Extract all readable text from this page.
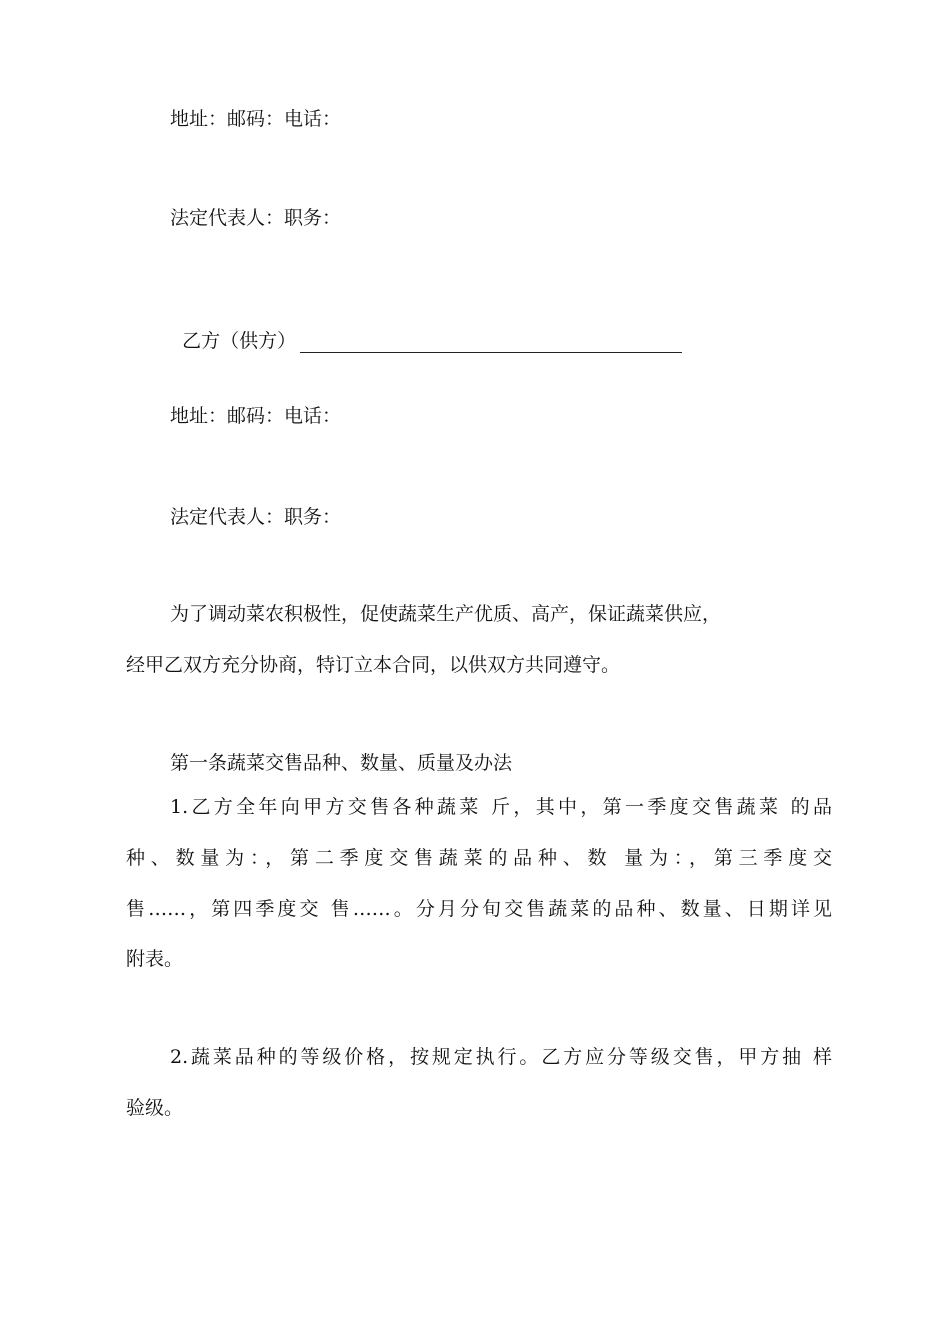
地址：邮码：电话：
法定代表人：职务：

乙方（供方）

地址：邮码：电话：
法定代表人：职务：
为了调动菜农积极性，促使蔬菜生产优质、高产，保证蔬菜供应，
经甲乙双方充分协商，特订立本合同，以供双方共同遵守。
第一条蔬菜交售品种、数量、质量及办法
1.乙方全年向甲方交售各种蔬菜 斤，其中，第一季度交售蔬菜 的品
种、数量为：，第二季度交售蔬菜的品种、数 量为：，第三季度交
售……，第四季度交 售……。分月分旬交售蔬菜的品种、数量、日期详见
附表。
2.蔬菜品种的等级价格，按规定执行。乙方应分等级交售，甲方抽 样
验级。
